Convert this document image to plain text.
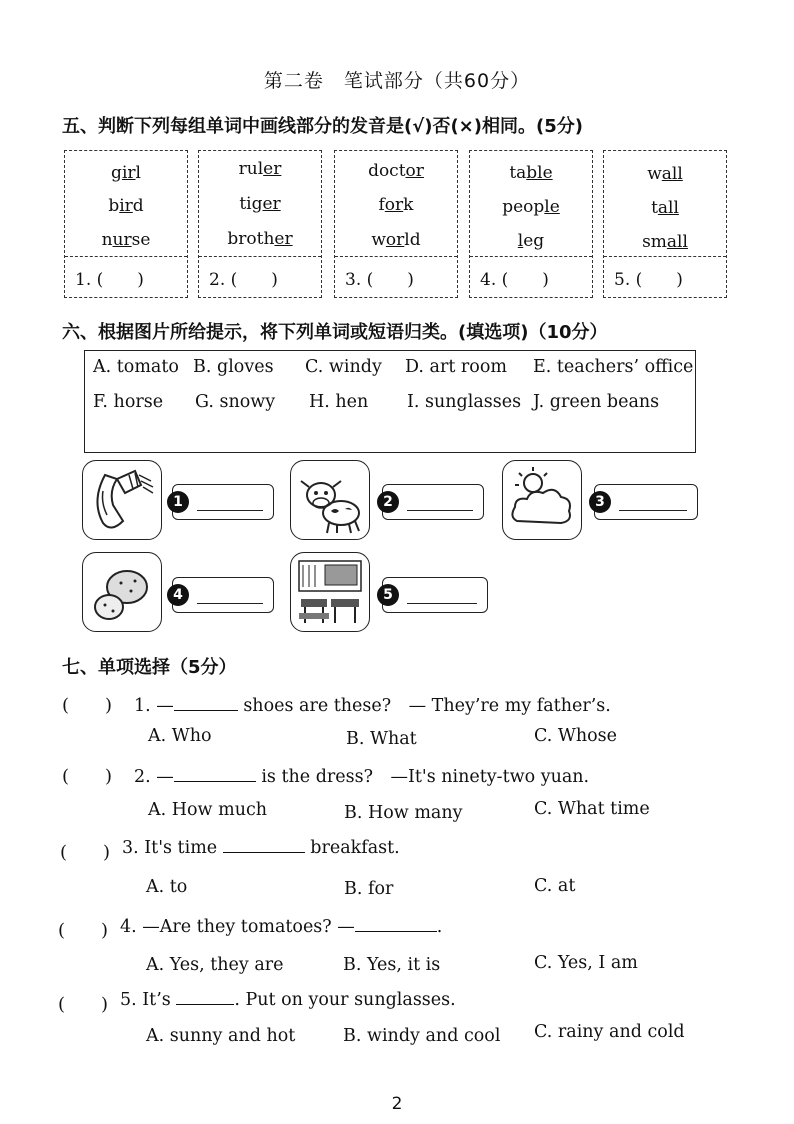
第二卷　笔试部分（共60分）
五、判断下列每组单词中画线部分的发音是(√)否(×)相同。(5分)
girl
bird
nurse
1. (　　)
ruler
tiger
brother
2. (　　)
doctor
fork
world
3. (　　)
table
people
leg
4. (　　)
wall
tall
small
5. (　　)
六、根据图片所给提示，将下列单词或短语归类。(填选项)（10分）
A. tomato B. gloves C. windy D. art room E. teachers’ office
F. horse G. snowy H. hen I. sunglasses J. green beans
1	2	3
4	5
七、单项选择（5分）
(　　) 1. —	shoes are these?　— They’re my father’s.
A. Who	B. What	C. Whose
(　　) 2. —	is the dress?　—It's ninety-two yuan.
A. How much	B. How many	C. What time
(　　) 3. It's time	breakfast.
A. to	B. for	C. at
(　　) 4. —Are they tomatoes? —	.
A. Yes, they are	B. Yes, it is	C. Yes, I am
(　　) 5. It’s	. Put on your sunglasses.
A. sunny and hot	B. windy and cool C. rainy and cold
2
